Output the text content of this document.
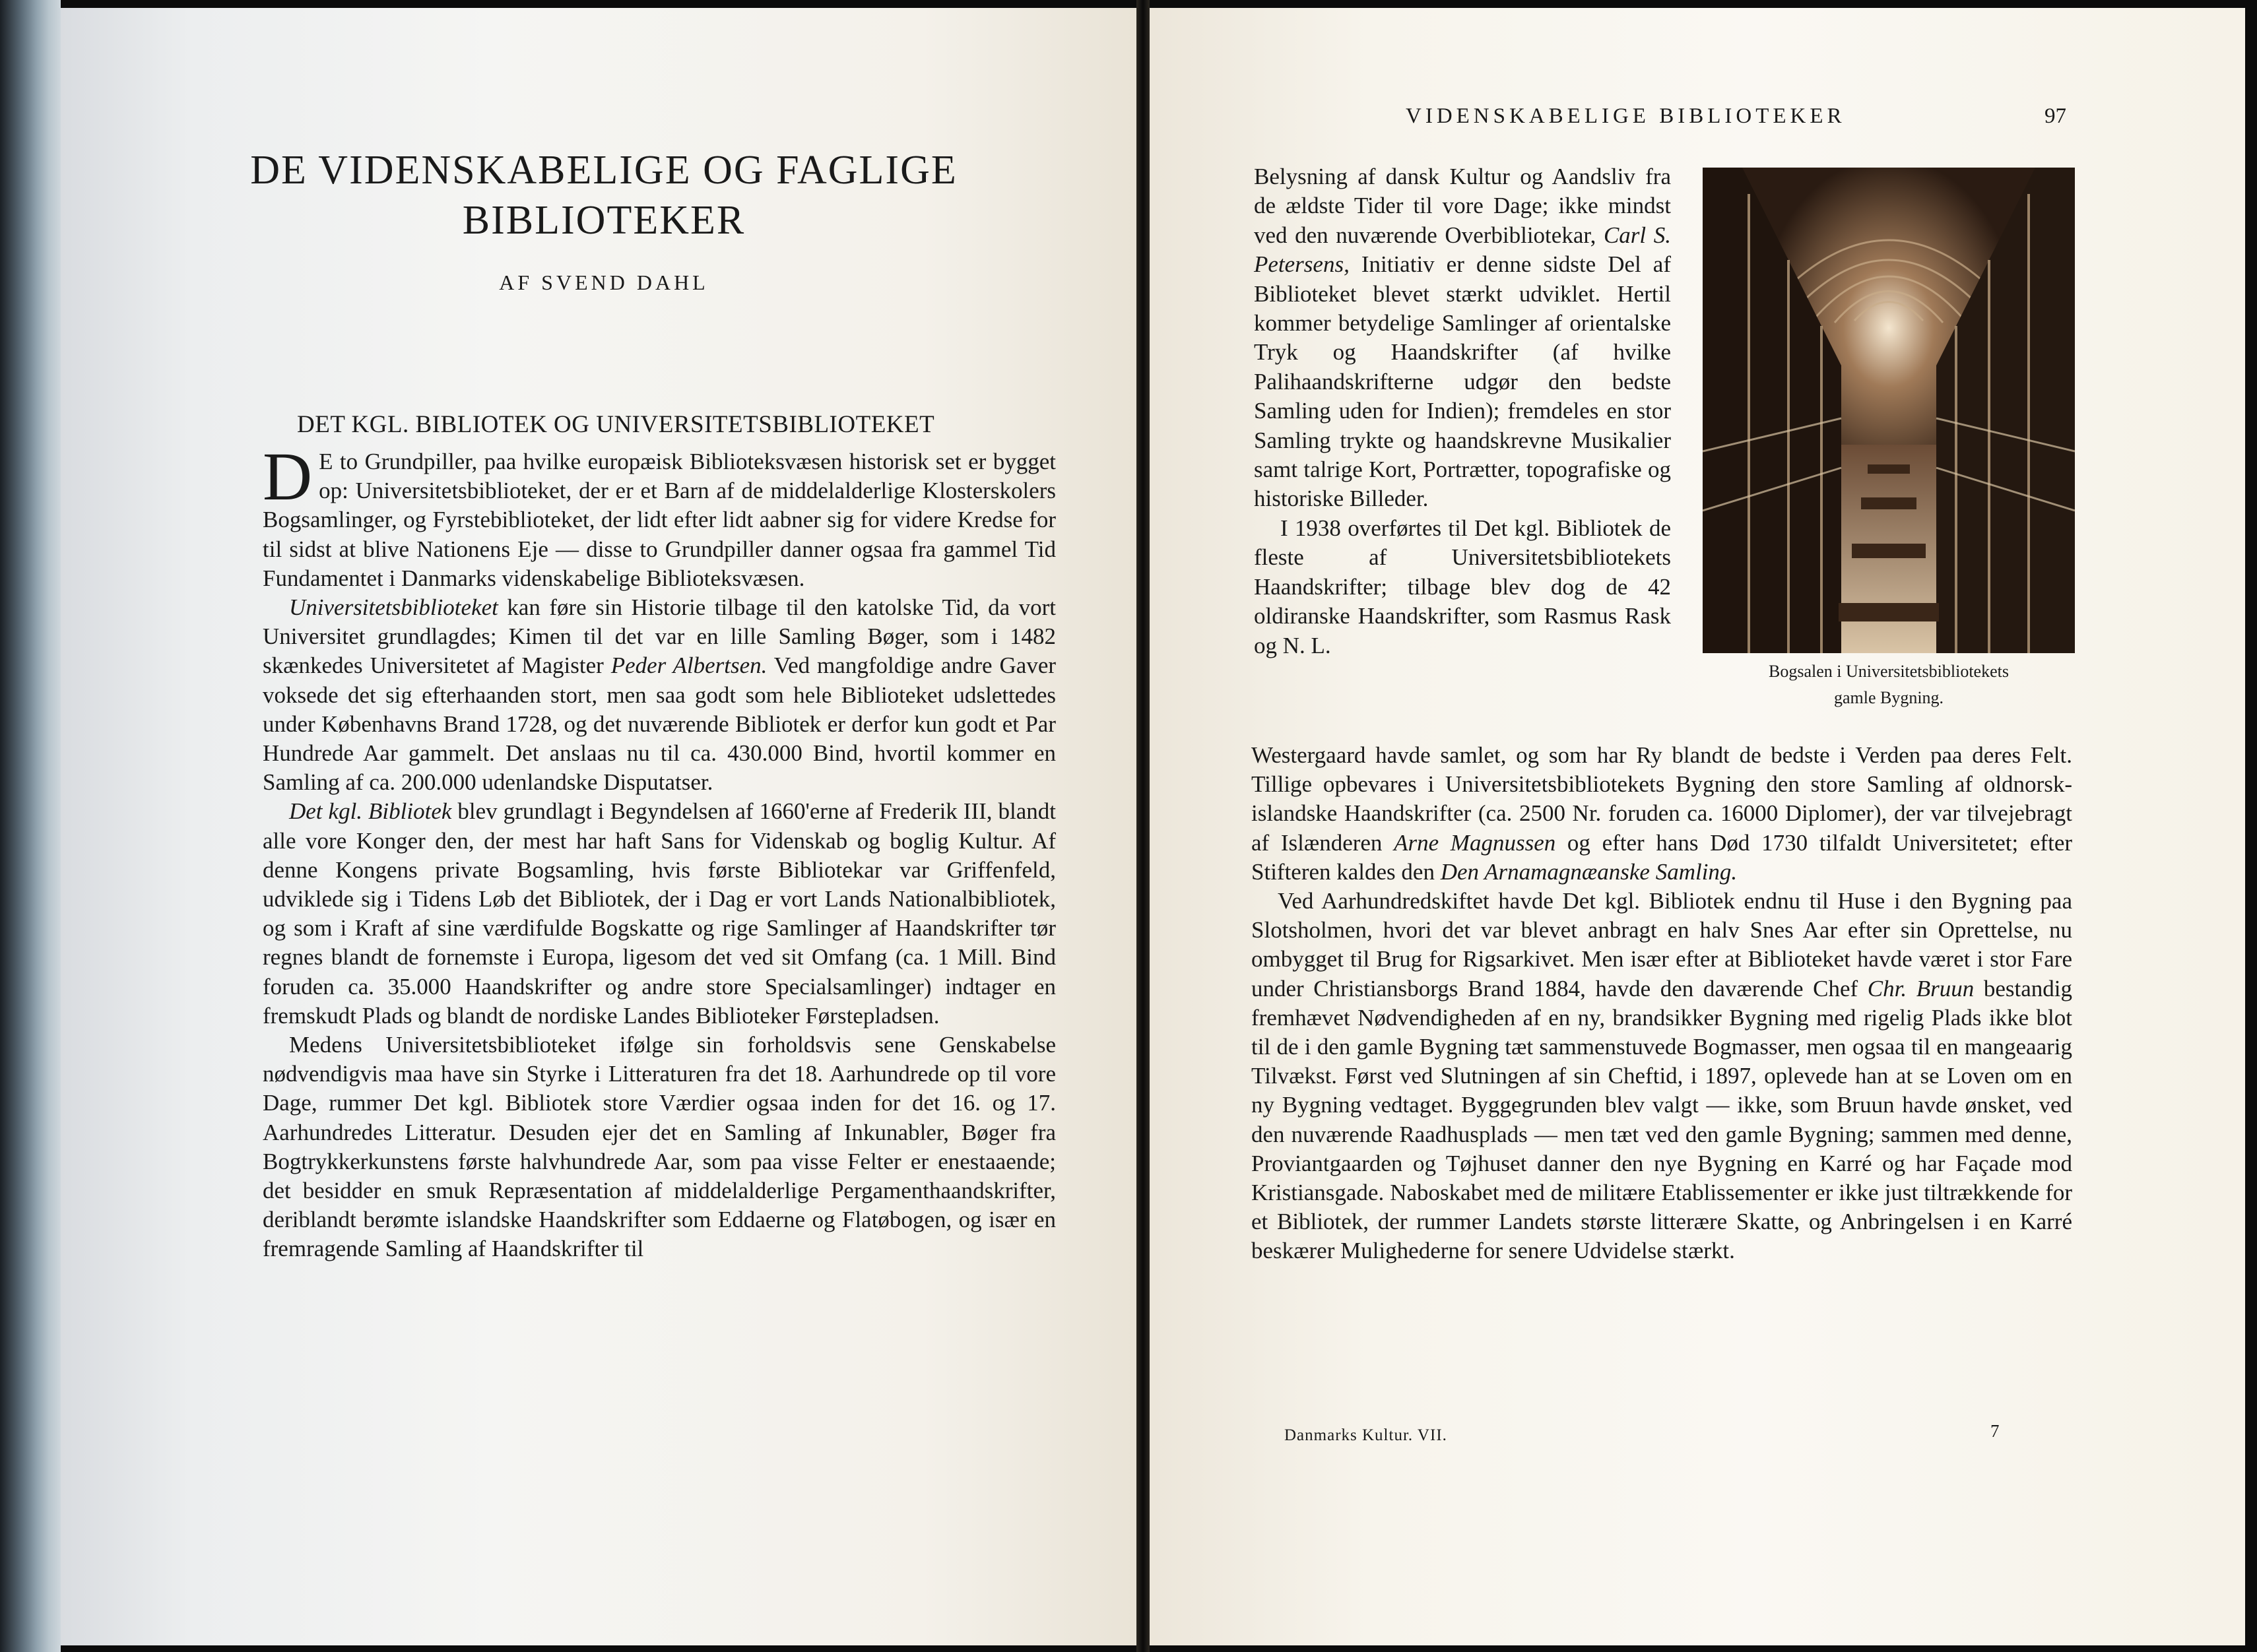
DE VIDENSKABELIGE OG FAGLIGE
BIBLIOTEKER
AF SVEND DAHL
DET KGL. BIBLIOTEK OG UNIVERSITETSBIBLIOTEKET

D E to Grundpiller, paa hvilke europæisk Biblioteksvæsen historisk set er bygget op: Universitetsbiblioteket, der er et Barn af de middelalderlige Klosterskolers Bogsamlinger, og Fyrstebiblioteket, der lidt efter lidt aabner sig for videre Kredse for til sidst at blive Nationens Eje — disse to Grundpiller danner ogsaa fra gammel Tid Fundamentet i Danmarks videnskabelige Biblioteksvæsen.

Universitetsbiblioteket kan føre sin Historie tilbage til den katolske Tid, da vort Universitet grundlagdes; Kimen til det var en lille Samling Bøger, som i 1482 skænkedes Universitetet af Magister Peder Albertsen. Ved mangfoldige andre Gaver voksede det sig efterhaanden stort, men saa godt som hele Biblioteket udslettedes under Københavns Brand 1728, og det nuværende Bibliotek er derfor kun godt et Par Hundrede Aar gammelt. Det anslaas nu til ca. 430.000 Bind, hvortil kommer en Samling af ca. 200.000 udenlandske Disputatser.

Det kgl. Bibliotek blev grundlagt i Begyndelsen af 1660'erne af Frederik III, blandt alle vore Konger den, der mest har haft Sans for Videnskab og boglig Kultur. Af denne Kongens private Bogsamling, hvis første Bibliotekar var Griffenfeld, udviklede sig i Tidens Løb det Bibliotek, der i Dag er vort Lands Nationalbibliotek, og som i Kraft af sine værdifulde Bogskatte og rige Samlinger af Haandskrifter tør regnes blandt de fornemste i Europa, ligesom det ved sit Omfang (ca. 1 Mill. Bind foruden ca. 35.000 Haandskrifter og andre store Specialsamlinger) indtager en fremskudt Plads og blandt de nordiske Landes Biblioteker Førstepladsen.

Medens Universitetsbiblioteket ifølge sin forholdsvis sene Genskabelse nødvendigvis maa have sin Styrke i Litteraturen fra det 18. Aarhundrede op til vore Dage, rummer Det kgl. Bibliotek store Værdier ogsaa inden for det 16. og 17. Aarhundredes Litteratur. Desuden ejer det en Samling af Inkunabler, Bøger fra Bogtrykkerkunstens første halvhundrede Aar, som paa visse Felter er enestaaende; det besidder en smuk Repræsentation af middelalderlige Pergamenthaandskrifter, deriblandt berømte islandske Haandskrifter som Eddaerne og Flatøbogen, og især en fremragende Samling af Haandskrifter til

VIDENSKABELIGE BIBLIOTEKER	97

Belysning af dansk Kultur og Aandsliv fra de ældste Tider til vore Dage; ikke mindst ved den nuværende Overbibliotekar, Carl S. Petersens, Initiativ er denne sidste Del af Biblioteket blevet stærkt udviklet. Hertil kommer betydelige Samlinger af orientalske Tryk og Haandskrifter (af hvilke Palihaandskrifterne udgør den bedste Samling uden for Indien); fremdeles en stor Samling trykte og haandskrevne Musikalier samt talrige Kort, Portrætter, topografiske og historiske Billeder.

I 1938 overførtes til Det kgl. Bibliotek de fleste af Universitetsbibliotekets Haandskrifter; tilbage blev dog de 42 oldiranske Haandskrifter, som Rasmus Rask og N. L.

Bogsalen i Universitetsbibliotekets
gamle Bygning.

Westergaard havde samlet, og som har Ry blandt de bedste i Verden paa deres Felt. Tillige opbevares i Universitetsbibliotekets Bygning den store Samling af oldnorsk-islandske Haandskrifter (ca. 2500 Nr. foruden ca. 16000 Diplomer), der var tilvejebragt af Islænderen Arne Magnussen og efter hans Død 1730 tilfaldt Universitetet; efter Stifteren kaldes den Den Arnamagnæanske Samling.

Ved Aarhundredskiftet havde Det kgl. Bibliotek endnu til Huse i den Bygning paa Slotsholmen, hvori det var blevet anbragt en halv Snes Aar efter sin Oprettelse, nu ombygget til Brug for Rigsarkivet. Men især efter at Biblioteket havde været i stor Fare under Christiansborgs Brand 1884, havde den daværende Chef Chr. Bruun bestandig fremhævet Nødvendigheden af en ny, brandsikker Bygning med rigelig Plads ikke blot til de i den gamle Bygning tæt sammenstuvede Bogmasser, men ogsaa til en mangeaarig Tilvækst. Først ved Slutningen af sin Cheftid, i 1897, oplevede han at se Loven om en ny Bygning vedtaget. Byggegrunden blev valgt — ikke, som Bruun havde ønsket, ved den nuværende Raadhusplads — men tæt ved den gamle Bygning; sammen med denne, Proviantgaarden og Tøjhuset danner den nye Bygning en Karré og har Façade mod Kristiansgade. Naboskabet med de militære Etablissementer er ikke just tiltrækkende for et Bibliotek, der rummer Landets største litterære Skatte, og Anbringelsen i en Karré beskærer Mulighederne for senere Udvidelse stærkt.

Danmarks Kultur. VII.	7
